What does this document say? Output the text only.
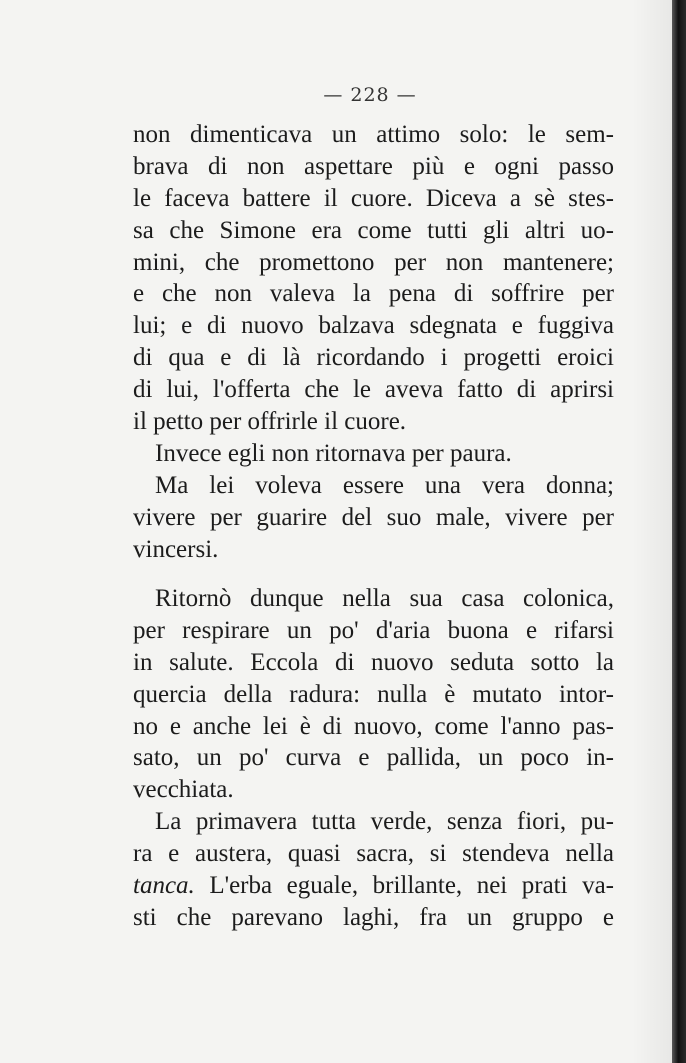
— 228 —
non dimenticava un attimo solo: le sem-
brava di non aspettare più e ogni passo
le faceva battere il cuore. Diceva a sè stes-
sa che Simone era come tutti gli altri uo-
mini, che promettono per non mantenere;
e che non valeva la pena di soffrire per
lui; e di nuovo balzava sdegnata e fuggiva
di qua e di là ricordando i progetti eroici
di lui, l'offerta che le aveva fatto di aprirsi
il petto per offrirle il cuore.
Invece egli non ritornava per paura.
Ma lei voleva essere una vera donna;
vivere per guarire del suo male, vivere per
vincersi.
Ritornò dunque nella sua casa colonica,
per respirare un po' d'aria buona e rifarsi
in salute. Eccola di nuovo seduta sotto la
quercia della radura: nulla è mutato intor-
no e anche lei è di nuovo, come l'anno pas-
sato, un po' curva e pallida, un poco in-
vecchiata.
La primavera tutta verde, senza fiori, pu-
ra e austera, quasi sacra, si stendeva nella
tanca. L'erba eguale, brillante, nei prati va-
sti che parevano laghi, fra un gruppo e
